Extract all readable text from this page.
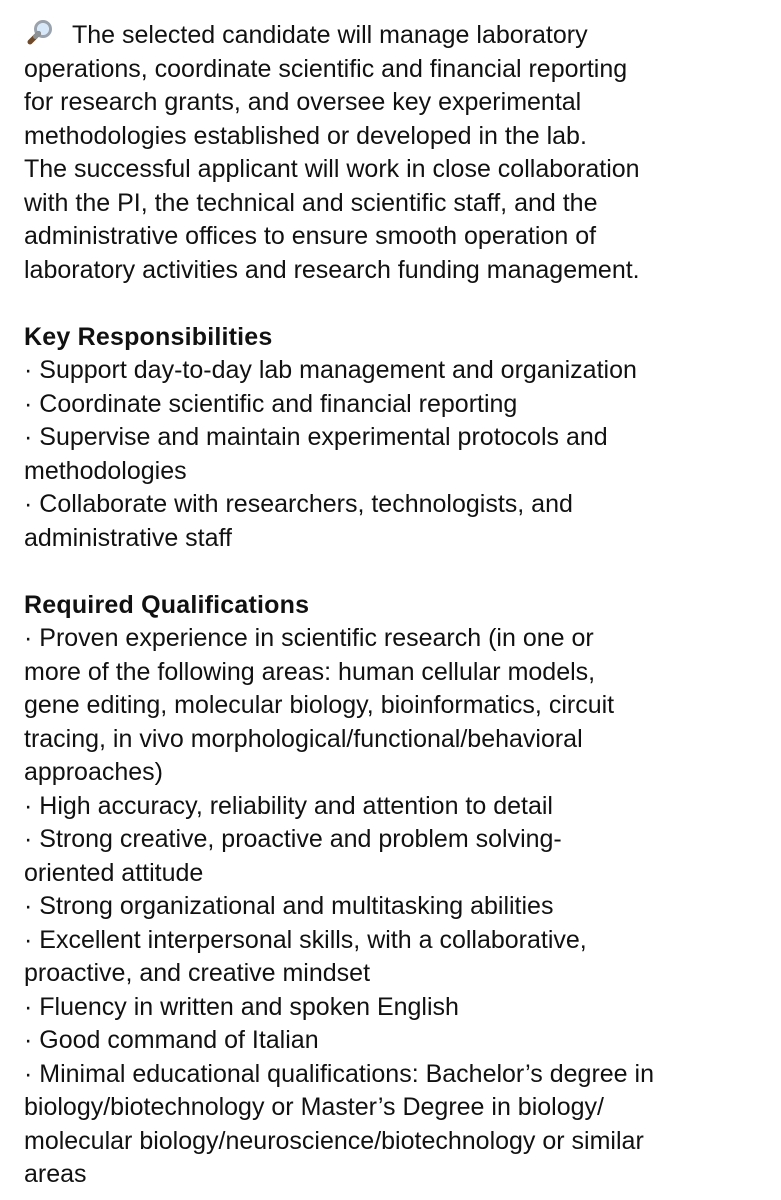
The selected candidate will manage laboratory
operations, coordinate scientific and financial reporting
for research grants, and oversee key experimental
methodologies established or developed in the lab.
The successful applicant will work in close collaboration
with the PI, the technical and scientific staff, and the
administrative offices to ensure smooth operation of
laboratory activities and research funding management.
Key Responsibilities
· Support day-to-day lab management and organization
· Coordinate scientific and financial reporting
· Supervise and maintain experimental protocols and
methodologies
· Collaborate with researchers, technologists, and
administrative staff
Required Qualifications
· Proven experience in scientific research (in one or
more of the following areas: human cellular models,
gene editing, molecular biology, bioinformatics, circuit
tracing, in vivo morphological/functional/behavioral
approaches)
· High accuracy, reliability and attention to detail
· Strong creative, proactive and problem solving-
oriented attitude
· Strong organizational and multitasking abilities
· Excellent interpersonal skills, with a collaborative,
proactive, and creative mindset
· Fluency in written and spoken English
· Good command of Italian
· Minimal educational qualifications: Bachelor’s degree in
biology/biotechnology or Master’s Degree in biology/
molecular biology/neuroscience/biotechnology or similar
areas
